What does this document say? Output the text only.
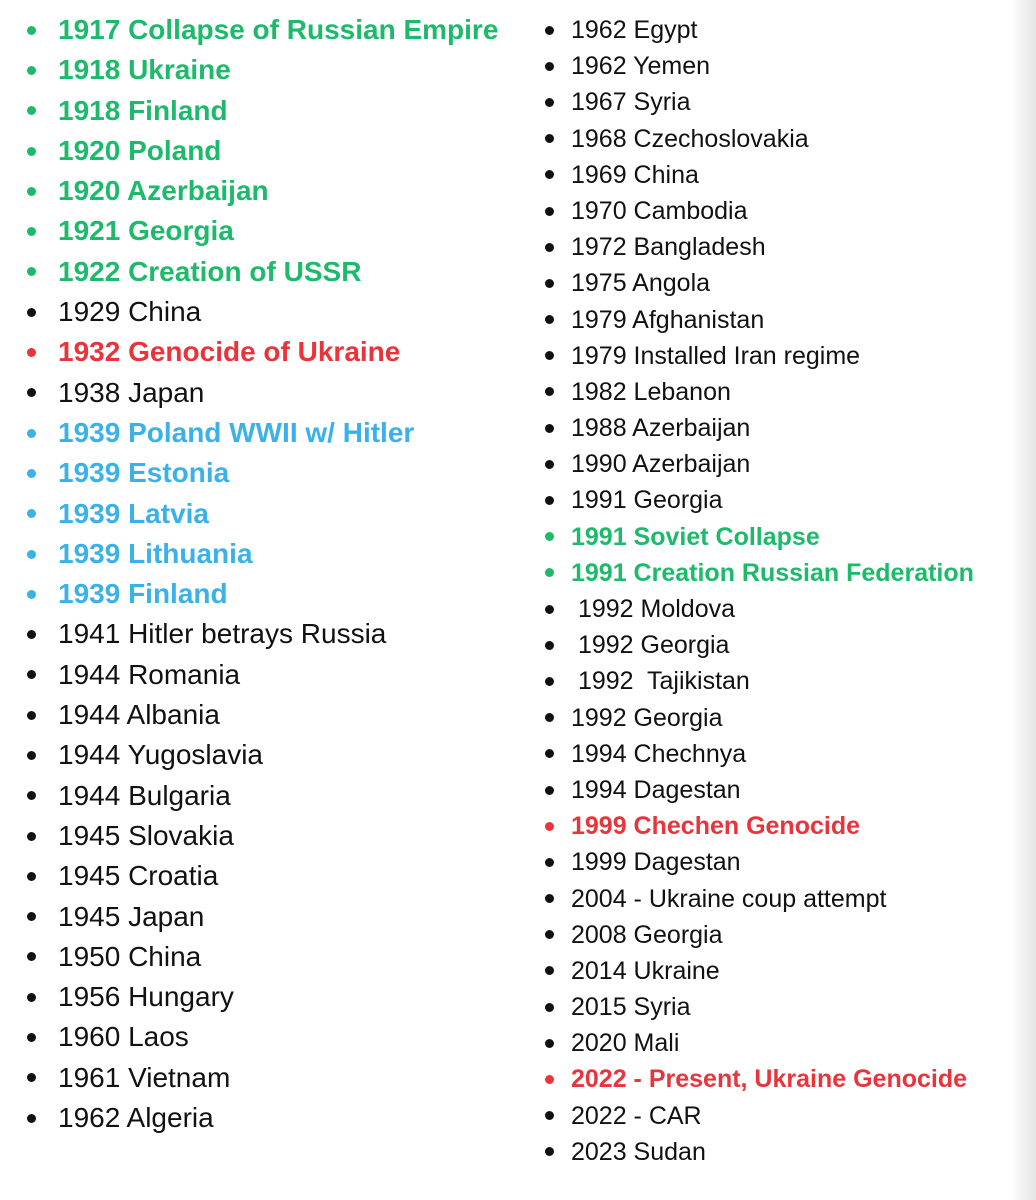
1917 Collapse of Russian Empire
1918 Ukraine
1918 Finland
1920 Poland
1920 Azerbaijan
1921 Georgia
1922 Creation of USSR
1929 China
1932 Genocide of Ukraine
1938 Japan
1939 Poland WWII w/ Hitler
1939 Estonia
1939 Latvia
1939 Lithuania
1939 Finland
1941 Hitler betrays Russia
1944 Romania
1944 Albania
1944 Yugoslavia
1944 Bulgaria
1945 Slovakia
1945 Croatia
1945 Japan
1950 China
1956 Hungary
1960 Laos
1961 Vietnam
1962 Algeria
1962 Egypt
1962 Yemen
1967 Syria
1968 Czechoslovakia
1969 China
1970 Cambodia
1972 Bangladesh
1975 Angola
1979 Afghanistan
1979 Installed Iran regime
1982 Lebanon
1988 Azerbaijan
1990 Azerbaijan
1991 Georgia
1991 Soviet Collapse
1991 Creation Russian Federation
1992 Moldova
1992 Georgia
1992  Tajikistan
1992 Georgia
1994 Chechnya
1994 Dagestan
1999 Chechen Genocide
1999 Dagestan
2004 - Ukraine coup attempt
2008 Georgia
2014 Ukraine
2015 Syria
2020 Mali
2022 - Present, Ukraine Genocide
2022 - CAR
2023 Sudan
